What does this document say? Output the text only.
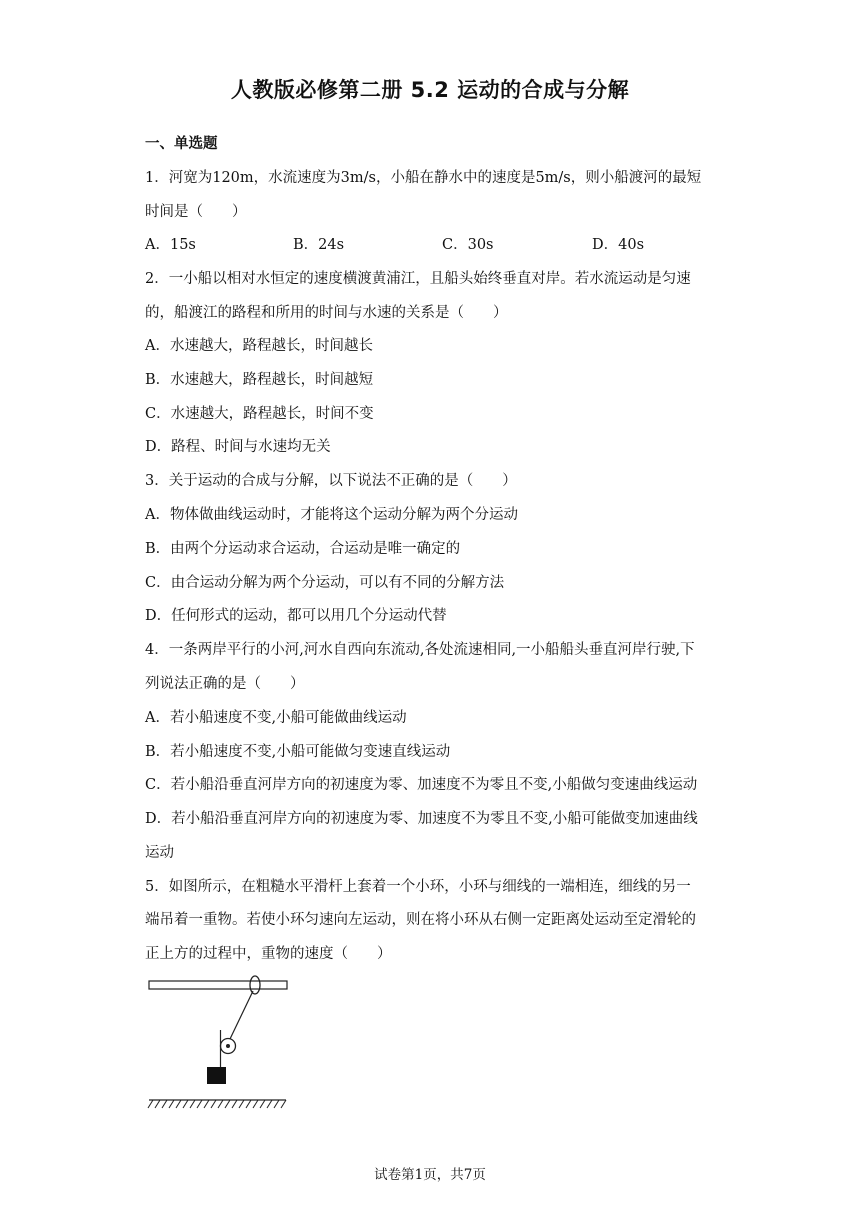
人教版必修第二册 5.2 运动的合成与分解
一、单选题
1．河宽为120m，水流速度为3m/s，小船在静水中的速度是5m/s，则小船渡河的最短
时间是（　　）
A．15s	B．24s	C．30s	D．40s
2．一小船以相对水恒定的速度横渡黄浦江，且船头始终垂直对岸。若水流运动是匀速
的，船渡江的路程和所用的时间与水速的关系是（　　）
A．水速越大，路程越长，时间越长
B．水速越大，路程越长，时间越短
C．水速越大，路程越长，时间不变
D．路程、时间与水速均无关
3．关于运动的合成与分解，以下说法不正确的是（　　）
A．物体做曲线运动时，才能将这个运动分解为两个分运动
B．由两个分运动求合运动，合运动是唯一确定的
C．由合运动分解为两个分运动，可以有不同的分解方法
D．任何形式的运动，都可以用几个分运动代替
4．一条两岸平行的小河,河水自西向东流动,各处流速相同,一小船船头垂直河岸行驶,下
列说法正确的是（　　）
A．若小船速度不变,小船可能做曲线运动
B．若小船速度不变,小船可能做匀变速直线运动
C．若小船沿垂直河岸方向的初速度为零、加速度不为零且不变,小船做匀变速曲线运动
D．若小船沿垂直河岸方向的初速度为零、加速度不为零且不变,小船可能做变加速曲线
运动
5．如图所示，在粗糙水平滑杆上套着一个小环，小环与细线的一端相连，细线的另一
端吊着一重物。若使小环匀速向左运动，则在将小环从右侧一定距离处运动至定滑轮的
正上方的过程中，重物的速度（　　）
试卷第1页，共7页
